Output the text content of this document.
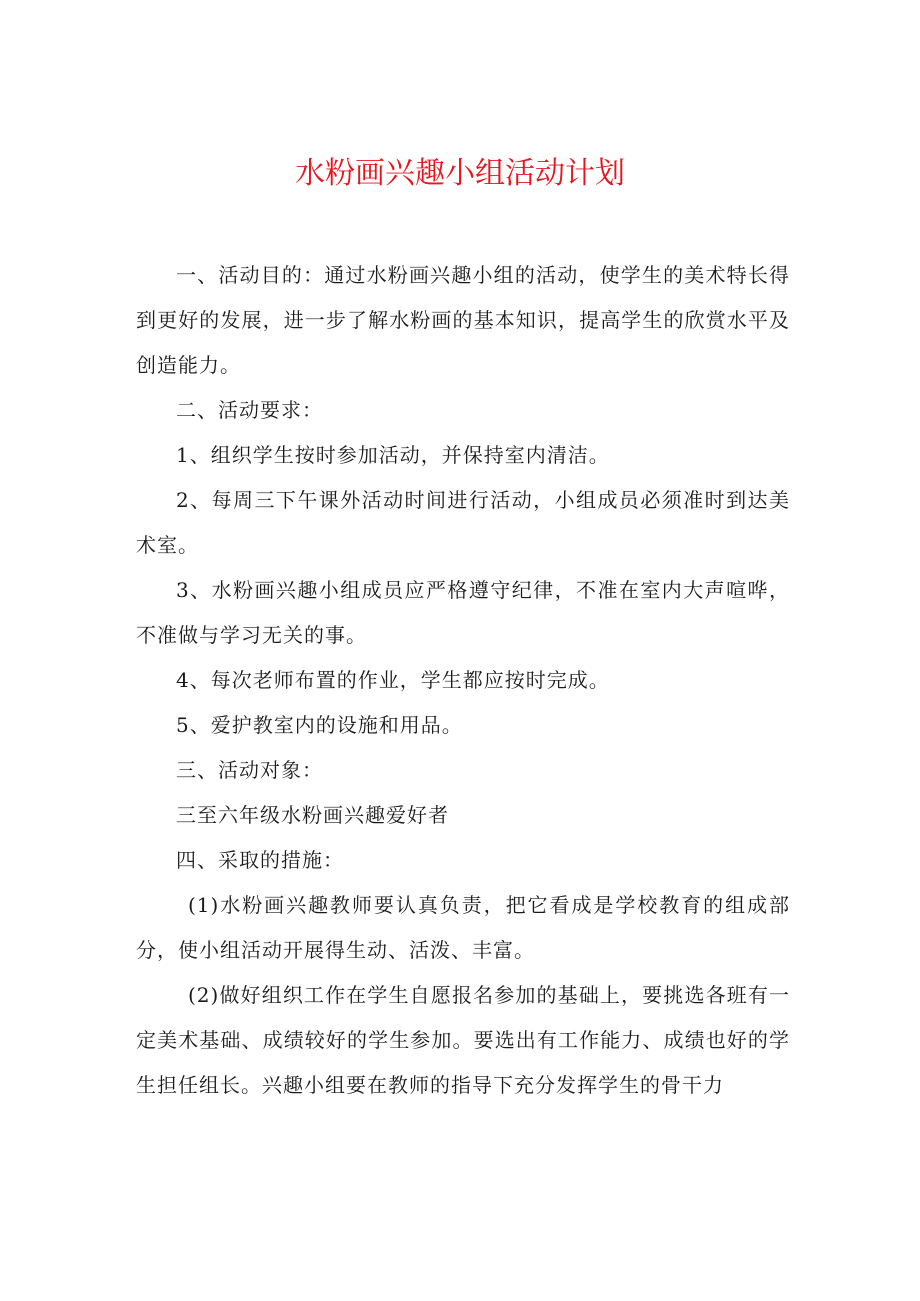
水粉画兴趣小组活动计划

一、活动目的：通过水粉画兴趣小组的活动，使学生的美术特长得到更好的发展，进一步了解水粉画的基本知识，提高学生的欣赏水平及创造能力。

二、活动要求：

1、组织学生按时参加活动，并保持室内清洁。

2、每周三下午课外活动时间进行活动，小组成员必须准时到达美术室。

3、水粉画兴趣小组成员应严格遵守纪律，不准在室内大声喧哗，不准做与学习无关的事。

4、每次老师布置的作业，学生都应按时完成。

5、爱护教室内的设施和用品。

三、活动对象：

三至六年级水粉画兴趣爱好者

四、采取的措施：

(1)水粉画兴趣教师要认真负责，把它看成是学校教育的组成部分，使小组活动开展得生动、活泼、丰富。

(2)做好组织工作在学生自愿报名参加的基础上，要挑选各班有一定美术基础、成绩较好的学生参加。要选出有工作能力、成绩也好的学生担任组长。兴趣小组要在教师的指导下充分发挥学生的骨干力
